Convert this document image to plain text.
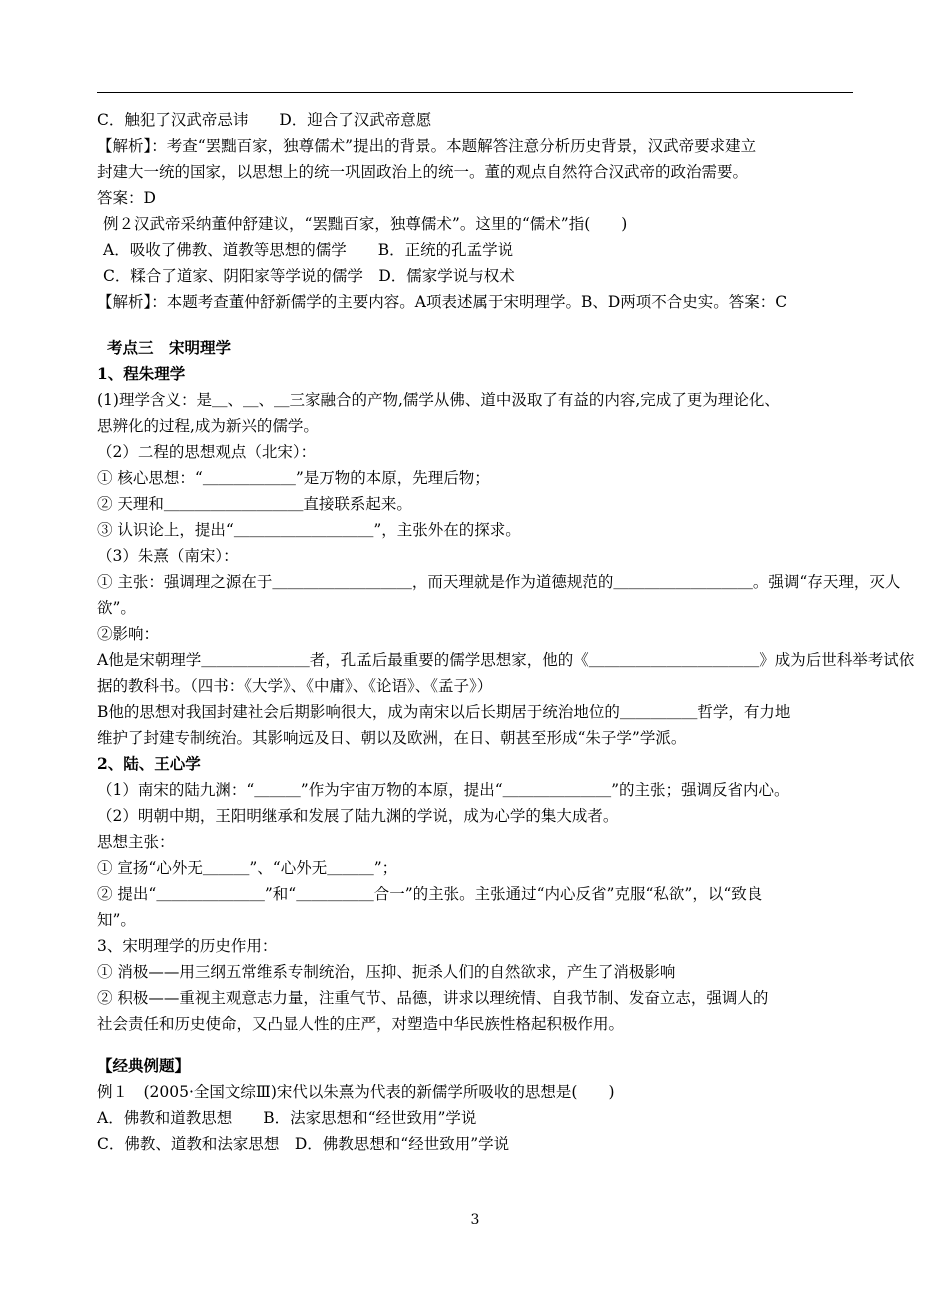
C．触犯了汉武帝忌讳　　D．迎合了汉武帝意愿
【解析】：考查“罢黜百家，独尊儒术”提出的背景。本题解答注意分析历史背景，汉武帝要求建立
封建大一统的国家，以思想上的统一巩固政治上的统一。董的观点自然符合汉武帝的政治需要。
答案：D
例２汉武帝采纳董仲舒建议，“罢黜百家，独尊儒术”。这里的“儒术”指(　　)
A．吸收了佛教、道教等思想的儒学　　B．正统的孔孟学说
C．糅合了道家、阴阳家等学说的儒学　D．儒家学说与权术
【解析】：本题考查董仲舒新儒学的主要内容。A项表述属于宋明理学。B、D两项不合史实。答案：C
考点三　宋明理学
1、程朱理学
(1)理学含义：是＿、＿、＿三家融合的产物,儒学从佛、道中汲取了有益的内容,完成了更为理论化、
思辨化的过程,成为新兴的儒学。
（2）二程的思想观点（北宋）：
① 核心思想：“＿＿＿＿＿＿”是万物的本原，先理后物；
② 天理和＿＿＿＿＿＿＿＿＿直接联系起来。
③ 认识论上，提出“＿＿＿＿＿＿＿＿＿”，主张外在的探求。
（3）朱熹（南宋）：
① 主张：强调理之源在于＿＿＿＿＿＿＿＿＿，而天理就是作为道德规范的＿＿＿＿＿＿＿＿＿。强调“存天理，灭人
欲”。
②影响：
A他是宋朝理学＿＿＿＿＿＿＿者，孔孟后最重要的儒学思想家，他的《＿＿＿＿＿＿＿＿＿＿＿》成为后世科举考试依
据的教科书。（四书：《大学》、《中庸》、《论语》、《孟子》）
B他的思想对我国封建社会后期影响很大，成为南宋以后长期居于统治地位的＿＿＿＿＿哲学，有力地
维护了封建专制统治。其影响远及日、朝以及欧洲，在日、朝甚至形成“朱子学”学派。
2、陆、王心学
（1）南宋的陆九渊：“＿＿＿”作为宇宙万物的本原，提出“＿＿＿＿＿＿＿”的主张；强调反省内心。
（2）明朝中期，王阳明继承和发展了陆九渊的学说，成为心学的集大成者。
思想主张：
① 宣扬“心外无＿＿＿”、“心外无＿＿＿”；
② 提出“＿＿＿＿＿＿＿”和“＿＿＿＿＿合一”的主张。主张通过“内心反省”克服“私欲”，以“致良
知”。
3、宋明理学的历史作用：
① 消极——用三纲五常维系专制统治，压抑、扼杀人们的自然欲求，产生了消极影响
② 积极——重视主观意志力量，注重气节、品德，讲求以理统情、自我节制、发奋立志，强调人的
社会责任和历史使命，又凸显人性的庄严，对塑造中华民族性格起积极作用。
【经典例题】
例１　(2005·全国文综Ⅲ)宋代以朱熹为代表的新儒学所吸收的思想是(　　)
A．佛教和道教思想　　B．法家思想和“经世致用”学说
C．佛教、道教和法家思想　D．佛教思想和“经世致用”学说
3
